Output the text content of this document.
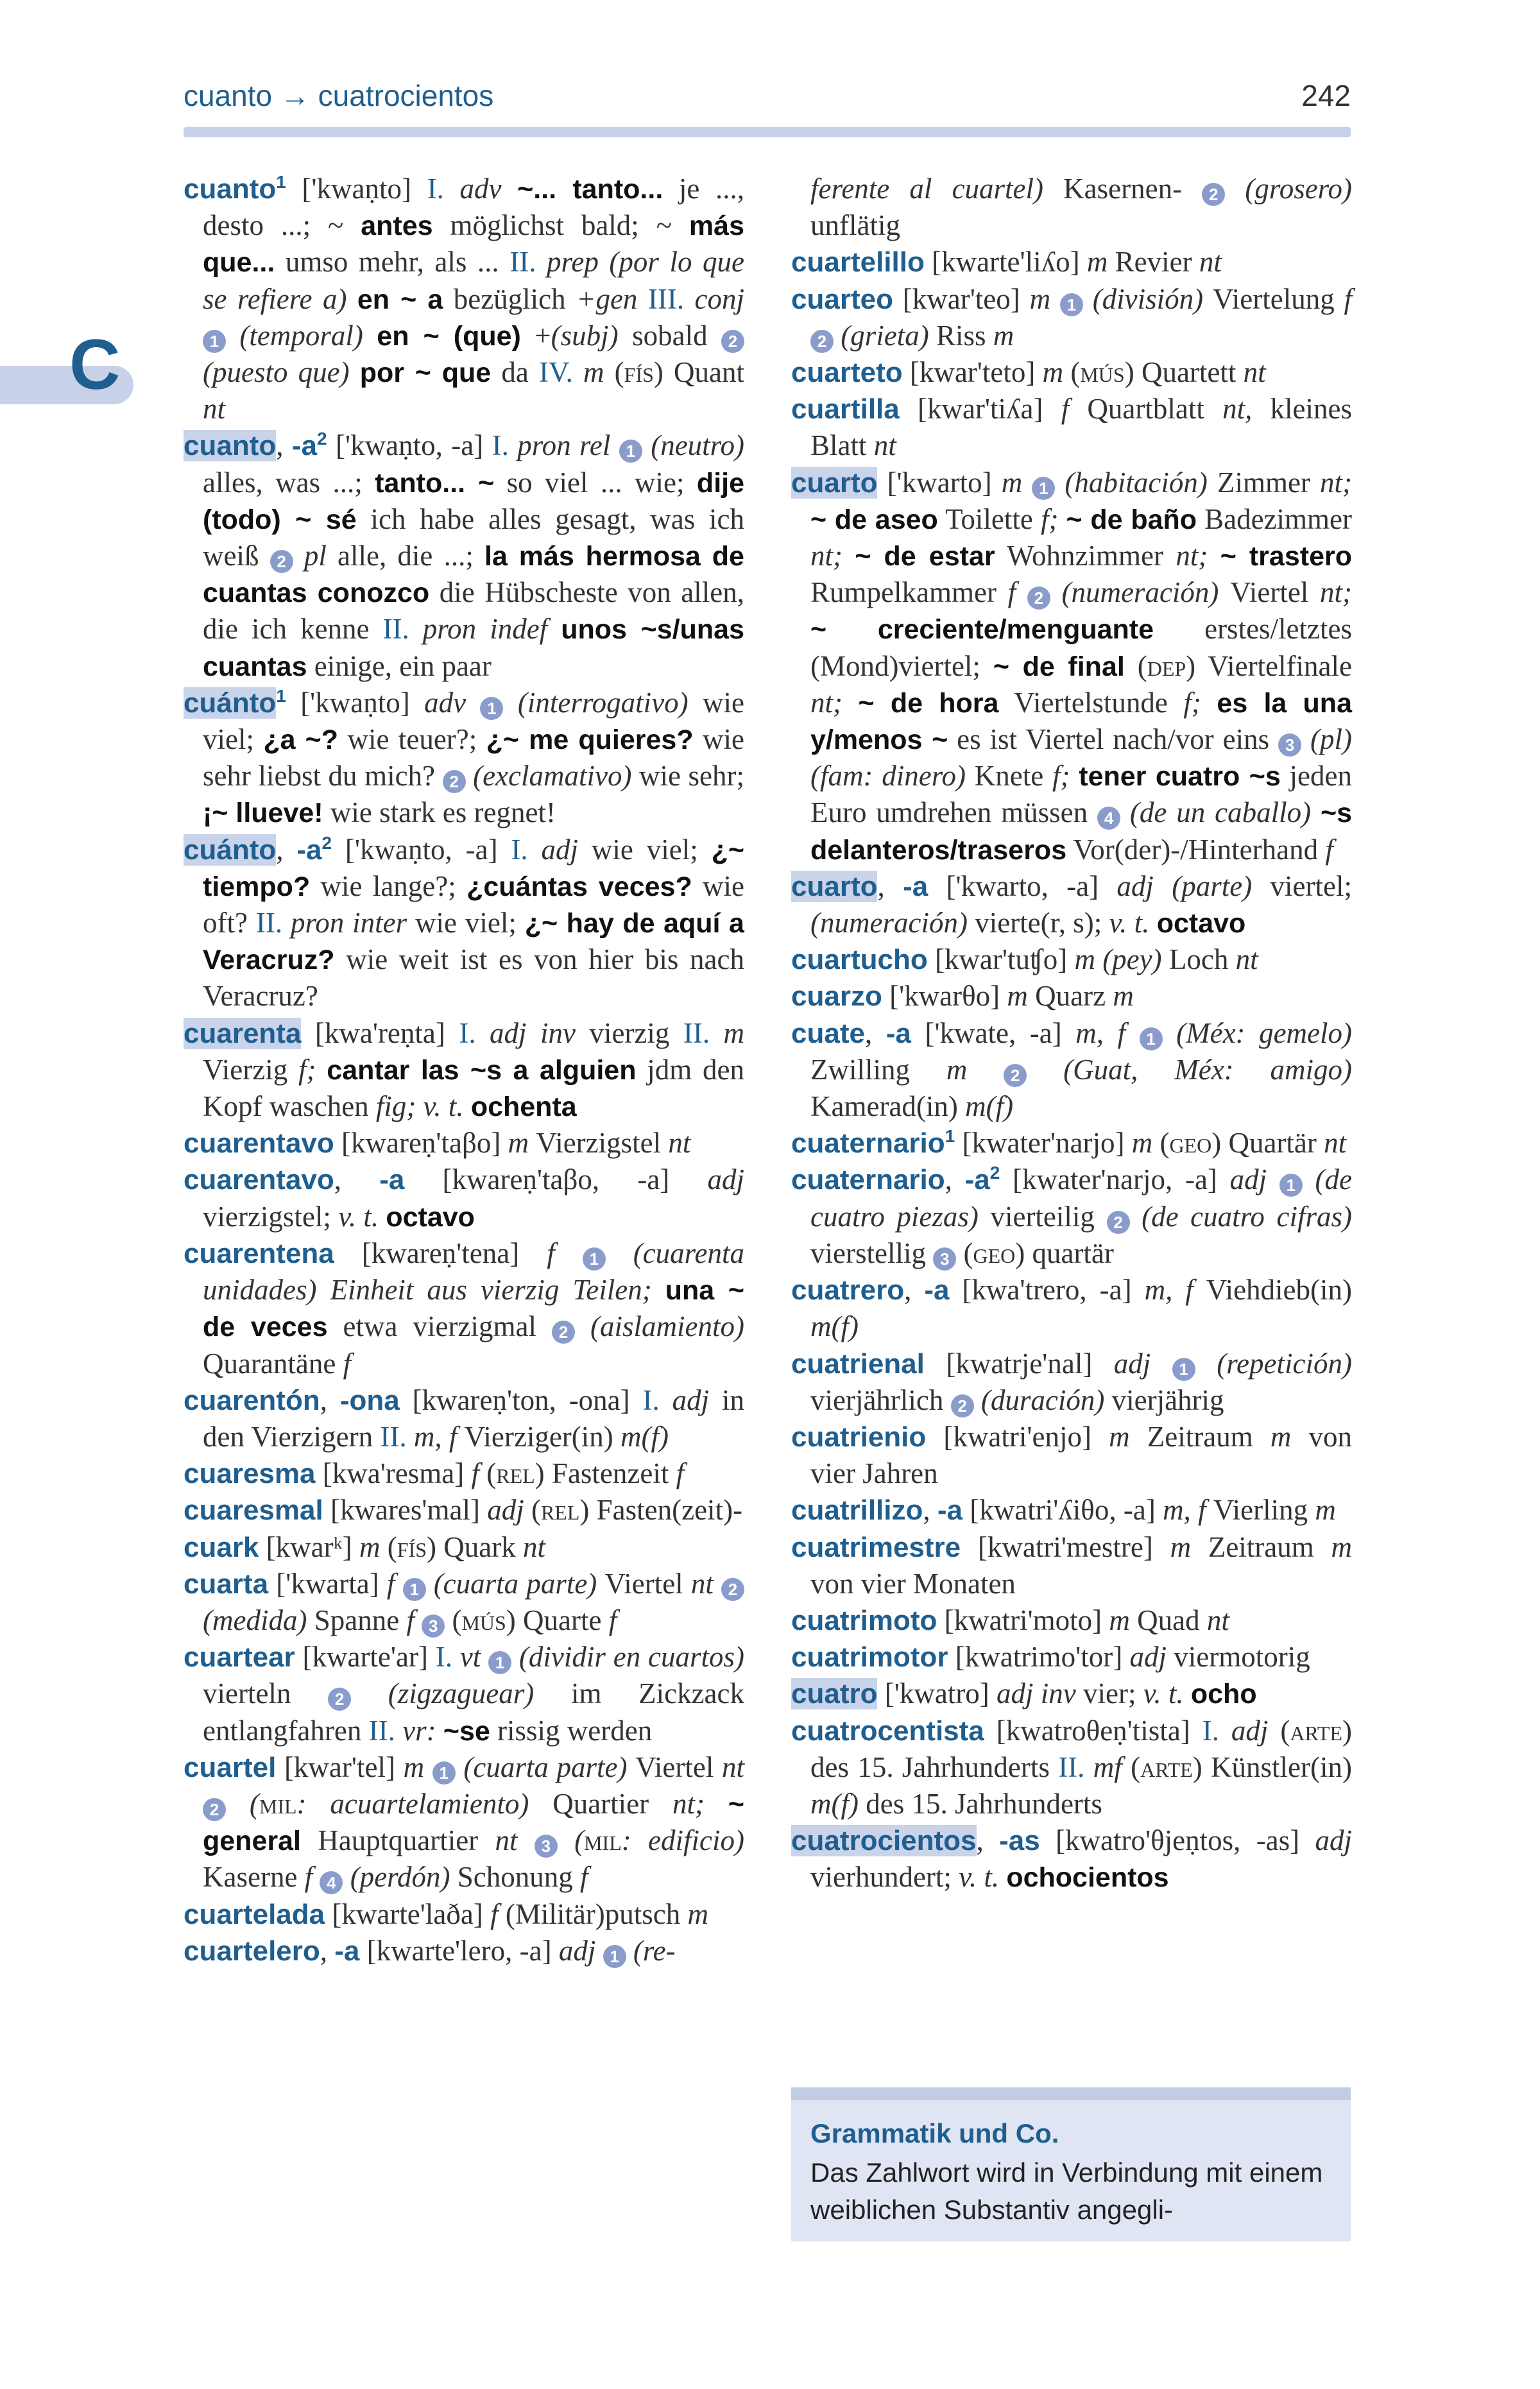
cuanto → cuatrocientos	242
C
cuanto$^1$ ['kwaṇto] I. adv ~... tanto... je ..., desto ...; ~ antes möglichst bald; ~ más que... umso mehr, als ... II. prep (por lo que se refiere a) en ~ a bezüglich +gen III. conj 1 (temporal) en ~ (que) +(subj) sobald 2 (puesto que) por ~ que da IV. m (fís) Quant nt
cuanto, $-a^2$ ['kwaṇto, -a] I. pron rel 1 (neutro) alles, was ...; tanto... ~ so viel ... wie; dije (todo) ~ sé ich habe alles gesagt, was ich weiß 2 pl alle, die ...; la más hermosa de cuantas conozco die Hübscheste von allen, die ich kenne II. pron indef unos ~s/unas cuantas einige, ein paar
cuánto$^1$ ['kwaṇto] adv 1 (interrogativo) wie viel; ¿a ~? wie teuer?; ¿~ me quieres? wie sehr liebst du mich? 2 (exclamativo) wie sehr; ¡~ llueve! wie stark es regnet!
cuánto, $-a^2$ ['kwaṇto, -a] I. adj wie viel; ¿~ tiempo? wie lange?; ¿cuántas veces? wie oft? II. pron inter wie viel; ¿~ hay de aquí a Veracruz? wie weit ist es von hier bis nach Veracruz?
cuarenta [kwa'reṇta] I. adj inv vierzig II. m Vierzig f; cantar las ~s a alguien jdm den Kopf waschen fig; v. t. ochenta
cuarentavo [kwareṇ'taβo] m Vierzigstel nt
cuarentavo, -a [kwareṇ'taβo, -a] adj vierzigstel; v. t. octavo
cuarentena [kwareṇ'tena] f 1 (cuarenta unidades) Einheit aus vierzig Teilen; una ~ de veces etwa vierzigmal 2 (aislamiento) Quarantäne f
cuarentón, -ona [kwareṇ'ton, -ona] I. adj in den Vierzigern II. m, f Vierziger(in) m(f)
cuaresma [kwa'resma] f (rel) Fastenzeit f
cuaresmal [kwares'mal] adj (rel) Fasten(zeit)-
cuark [kwarᵏ] m (fís) Quark nt
cuarta ['kwarta] f 1 (cuarta parte) Viertel nt 2 (medida) Spanne f 3 (mús) Quarte f
cuartear [kwarte'ar] I. vt 1 (dividir en cuartos) vierteln 2 (zigzaguear) im Zickzack entlangfahren II. vr: ~se rissig werden
cuartel [kwar'tel] m 1 (cuarta parte) Viertel nt 2 (mil: acuartelamiento) Quartier nt; ~ general Hauptquartier nt 3 (mil: edificio) Kaserne f 4 (perdón) Schonung f
cuartelada [kwarte'laða] f (Militär)putsch m
cuartelero, -a [kwarte'lero, -a] adj 1 (re-
ferente al cuartel) Kasernen- 2 (grosero) unflätig
cuartelillo [kwarte'liʎo] m Revier nt
cuarteo [kwar'teo] m 1 (división) Viertelung f 2 (grieta) Riss m
cuarteto [kwar'teto] m (mús) Quartett nt
cuartilla [kwar'tiʎa] f Quartblatt nt, kleines Blatt nt
cuarto ['kwarto] m 1 (habitación) Zimmer nt; ~ de aseo Toilette f; ~ de baño Badezimmer nt; ~ de estar Wohnzimmer nt; ~ trastero Rumpelkammer f 2 (numeración) Viertel nt; ~ creciente/menguante erstes/letztes (Mond)viertel; ~ de final (dep) Viertelfinale nt; ~ de hora Viertelstunde f; es la una y/menos ~ es ist Viertel nach/vor eins 3 (pl) (fam: dinero) Knete f; tener cuatro ~s jeden Euro umdrehen müssen 4 (de un caballo) ~s delanteros/traseros Vor(der)-/Hinterhand f
cuarto, -a ['kwarto, -a] adj (parte) viertel; (numeración) vierte(r, s); v. t. octavo
cuartucho [kwar'tuʧo] m (pey) Loch nt
cuarzo ['kwarθo] m Quarz m
cuate, -a ['kwate, -a] m, f 1 (Méx: gemelo) Zwilling m 2 (Guat, Méx: amigo) Kamerad(in) m(f)
cuaternario$^1$ [kwater'narjo] m (geo) Quartär nt
cuaternario, $-a^2$ [kwater'narjo, -a] adj 1 (de cuatro piezas) vierteilig 2 (de cuatro cifras) vierstellig 3 (geo) quartär
cuatrero, -a [kwa'trero, -a] m, f Viehdieb(in) m(f)
cuatrienal [kwatrje'nal] adj 1 (repetición) vierjährlich 2 (duración) vierjährig
cuatrienio [kwatri'enjo] m Zeitraum m von vier Jahren
cuatrillizo, -a [kwatri'ʎiθo, -a] m, f Vierling m
cuatrimestre [kwatri'mestre] m Zeitraum m von vier Monaten
cuatrimoto [kwatri'moto] m Quad nt
cuatrimotor [kwatrimo'tor] adj viermotorig
cuatro ['kwatro] adj inv vier; v. t. ocho
cuatrocentista [kwatroθeṇ'tista] I. adj (arte) des 15. Jahrhunderts II. mf (arte) Künstler(in) m(f) des 15. Jahrhunderts
cuatrocientos, -as [kwatro'θjeṇtos, -as] adj vierhundert; v. t. ochocientos
Grammatik und Co.
Das Zahlwort wird in Verbindung mit einem weiblichen Substantiv angegli-
